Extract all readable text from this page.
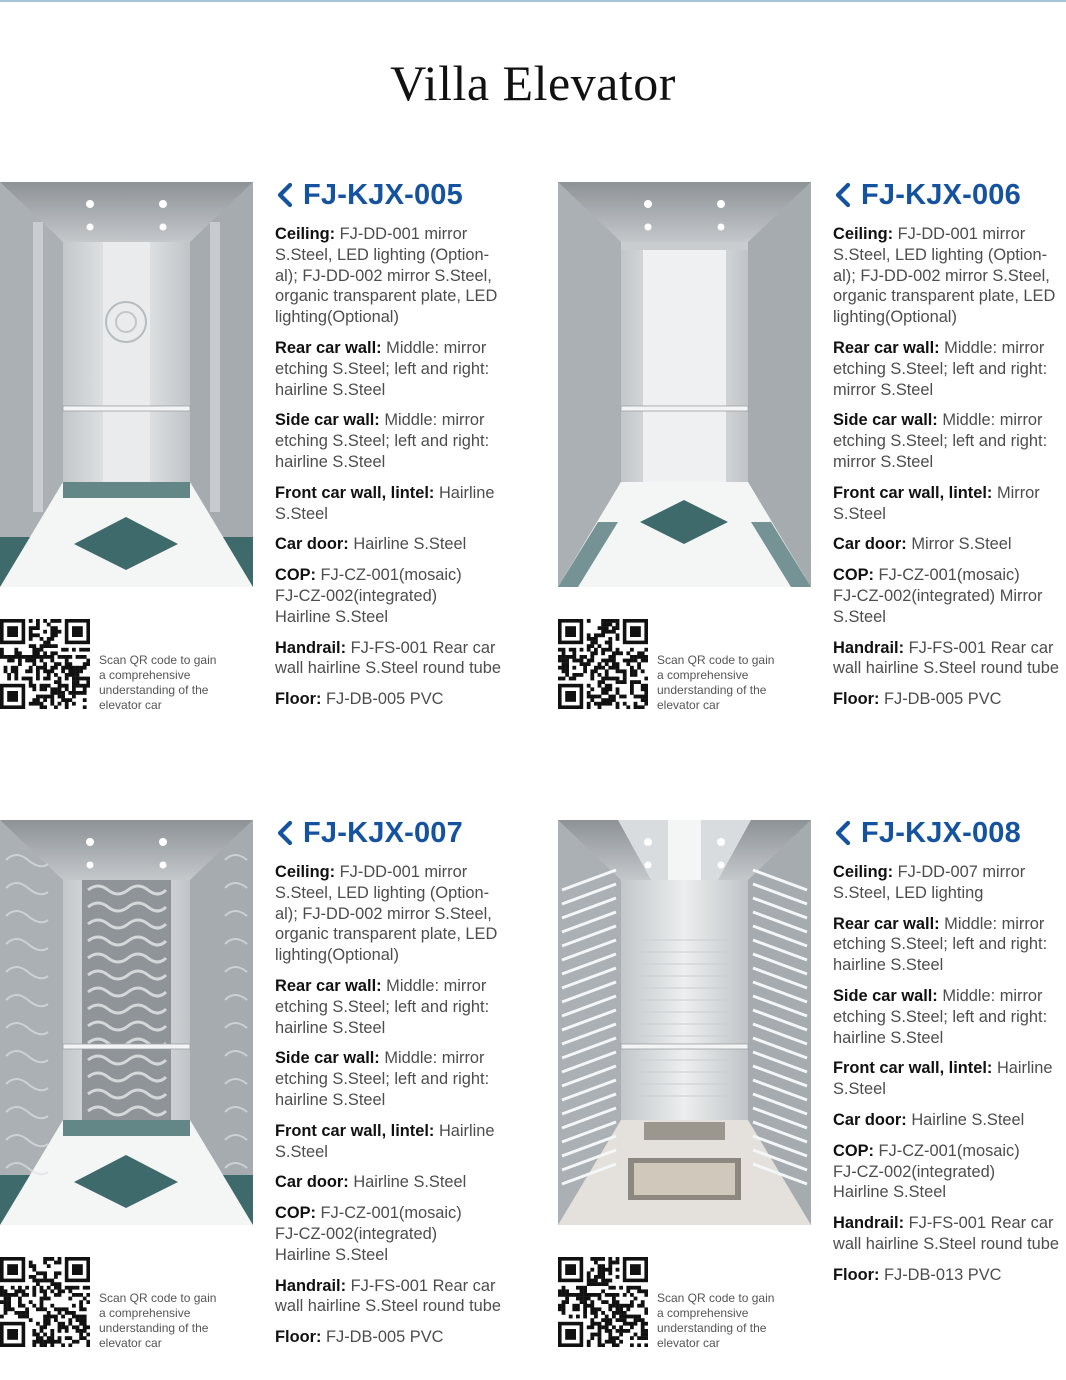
Villa Elevator
Scan QR code to gain
a comprehensive
understanding of the
elevator car
FJ-KJX-005

Ceiling: FJ-DD-001 mirror
S.Steel, LED lighting (Option-
al); FJ-DD-002 mirror S.Steel,
organic transparent plate, LED
lighting(Optional)

Rear car wall: Middle: mirror
etching S.Steel; left and right:
hairline S.Steel

Side car wall: Middle: mirror
etching S.Steel; left and right:
hairline S.Steel

Front car wall, lintel: Hairline
S.Steel

Car door: Hairline S.Steel

COP: FJ-CZ-001(mosaic)
FJ-CZ-002(integrated)
Hairline S.Steel

Handrail: FJ-FS-001 Rear car
wall hairline S.Steel round tube

Floor: FJ-DB-005 PVC

Scan QR code to gain
a comprehensive
understanding of the
elevator car
FJ-KJX-006

Ceiling: FJ-DD-001 mirror
S.Steel, LED lighting (Option-
al); FJ-DD-002 mirror S.Steel,
organic transparent plate, LED
lighting(Optional)

Rear car wall: Middle: mirror
etching S.Steel; left and right:
mirror S.Steel

Side car wall: Middle: mirror
etching S.Steel; left and right:
mirror S.Steel

Front car wall, lintel: Mirror
S.Steel

Car door: Mirror S.Steel

COP: FJ-CZ-001(mosaic)
FJ-CZ-002(integrated) Mirror
S.Steel

Handrail: FJ-FS-001 Rear car
wall hairline S.Steel round tube

Floor: FJ-DB-005 PVC

Scan QR code to gain
a comprehensive
understanding of the
elevator car
FJ-KJX-007

Ceiling: FJ-DD-001 mirror
S.Steel, LED lighting (Option-
al); FJ-DD-002 mirror S.Steel,
organic transparent plate, LED
lighting(Optional)

Rear car wall: Middle: mirror
etching S.Steel; left and right:
hairline S.Steel

Side car wall: Middle: mirror
etching S.Steel; left and right:
hairline S.Steel

Front car wall, lintel: Hairline
S.Steel

Car door: Hairline S.Steel

COP: FJ-CZ-001(mosaic)
FJ-CZ-002(integrated)
Hairline S.Steel

Handrail: FJ-FS-001 Rear car
wall hairline S.Steel round tube

Floor: FJ-DB-005 PVC

Scan QR code to gain
a comprehensive
understanding of the
elevator car
FJ-KJX-008

Ceiling: FJ-DD-007 mirror
S.Steel, LED lighting

Rear car wall: Middle: mirror
etching S.Steel; left and right:
hairline S.Steel

Side car wall: Middle: mirror
etching S.Steel; left and right:
hairline S.Steel

Front car wall, lintel: Hairline
S.Steel

Car door: Hairline S.Steel

COP: FJ-CZ-001(mosaic)
FJ-CZ-002(integrated)
Hairline S.Steel

Handrail: FJ-FS-001 Rear car
wall hairline S.Steel round tube

Floor: FJ-DB-013 PVC
